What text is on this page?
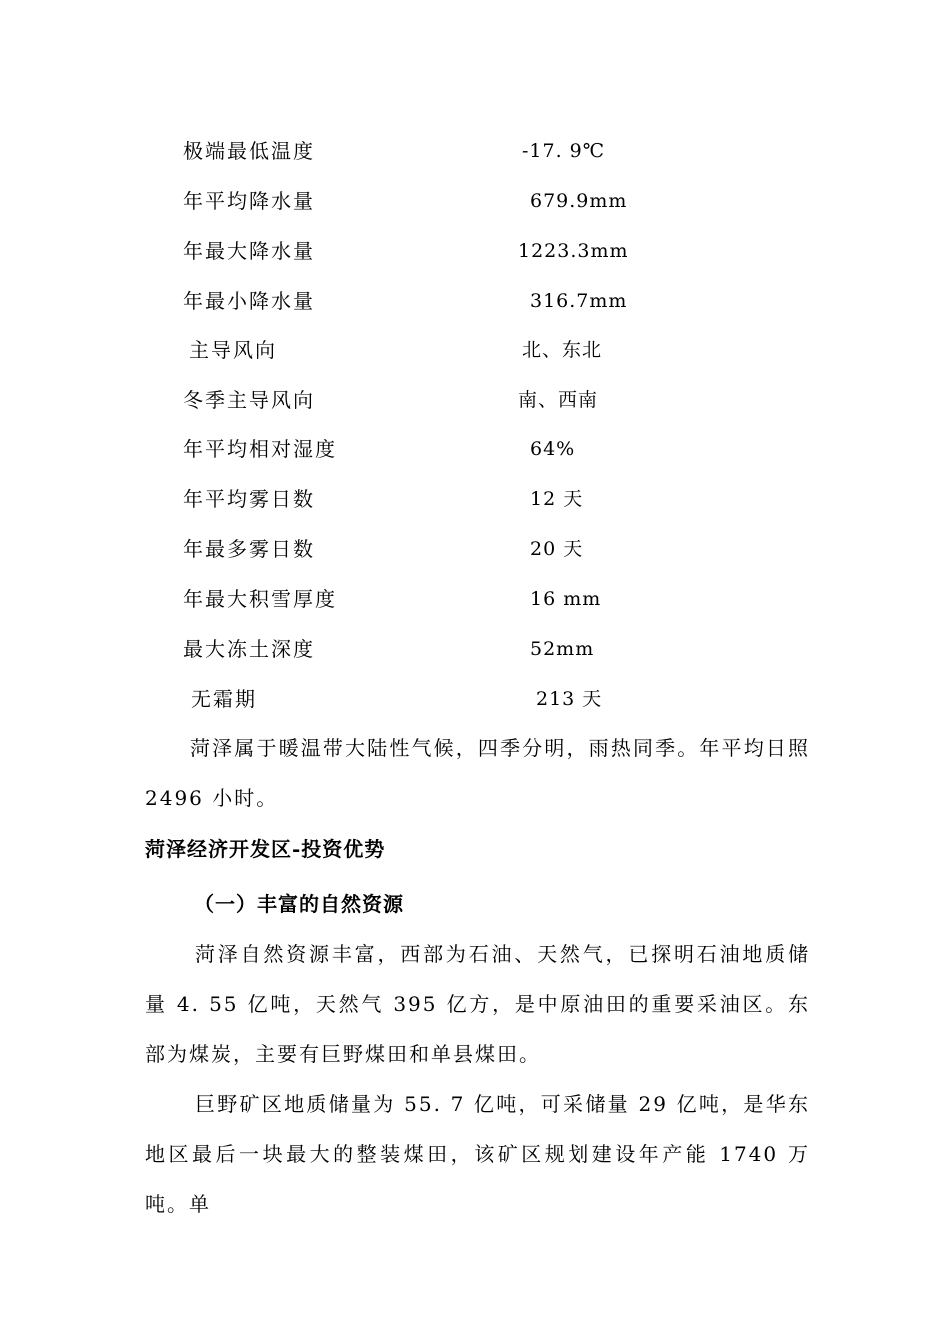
极端最低温度	-17. 9℃
年平均降水量	679.9mm
年最大降水量	1223.3mm
年最小降水量	316.7mm
主导风向	北、东北
冬季主导风向	南、西南
年平均相对湿度	64%
年平均雾日数	12 天
年最多雾日数	20 天
年最大积雪厚度	16 mm
最大冻土深度	52mm
无霜期	213 天

菏泽属于暖温带大陆性气候，四季分明，雨热同季。年平均日照 2496 小时。

菏泽经济开发区-投资优势
（一）丰富的自然资源

菏泽自然资源丰富，西部为石油、天然气，已探明石油地质储量 4. 55 亿吨，天然气 395 亿方，是中原油田的重要采油区。东部为煤炭，主要有巨野煤田和单县煤田。

巨野矿区地质储量为 55. 7 亿吨，可采储量 29 亿吨，是华东地区最后一块最大的整装煤田，该矿区规划建设年产能 1740 万吨。单
